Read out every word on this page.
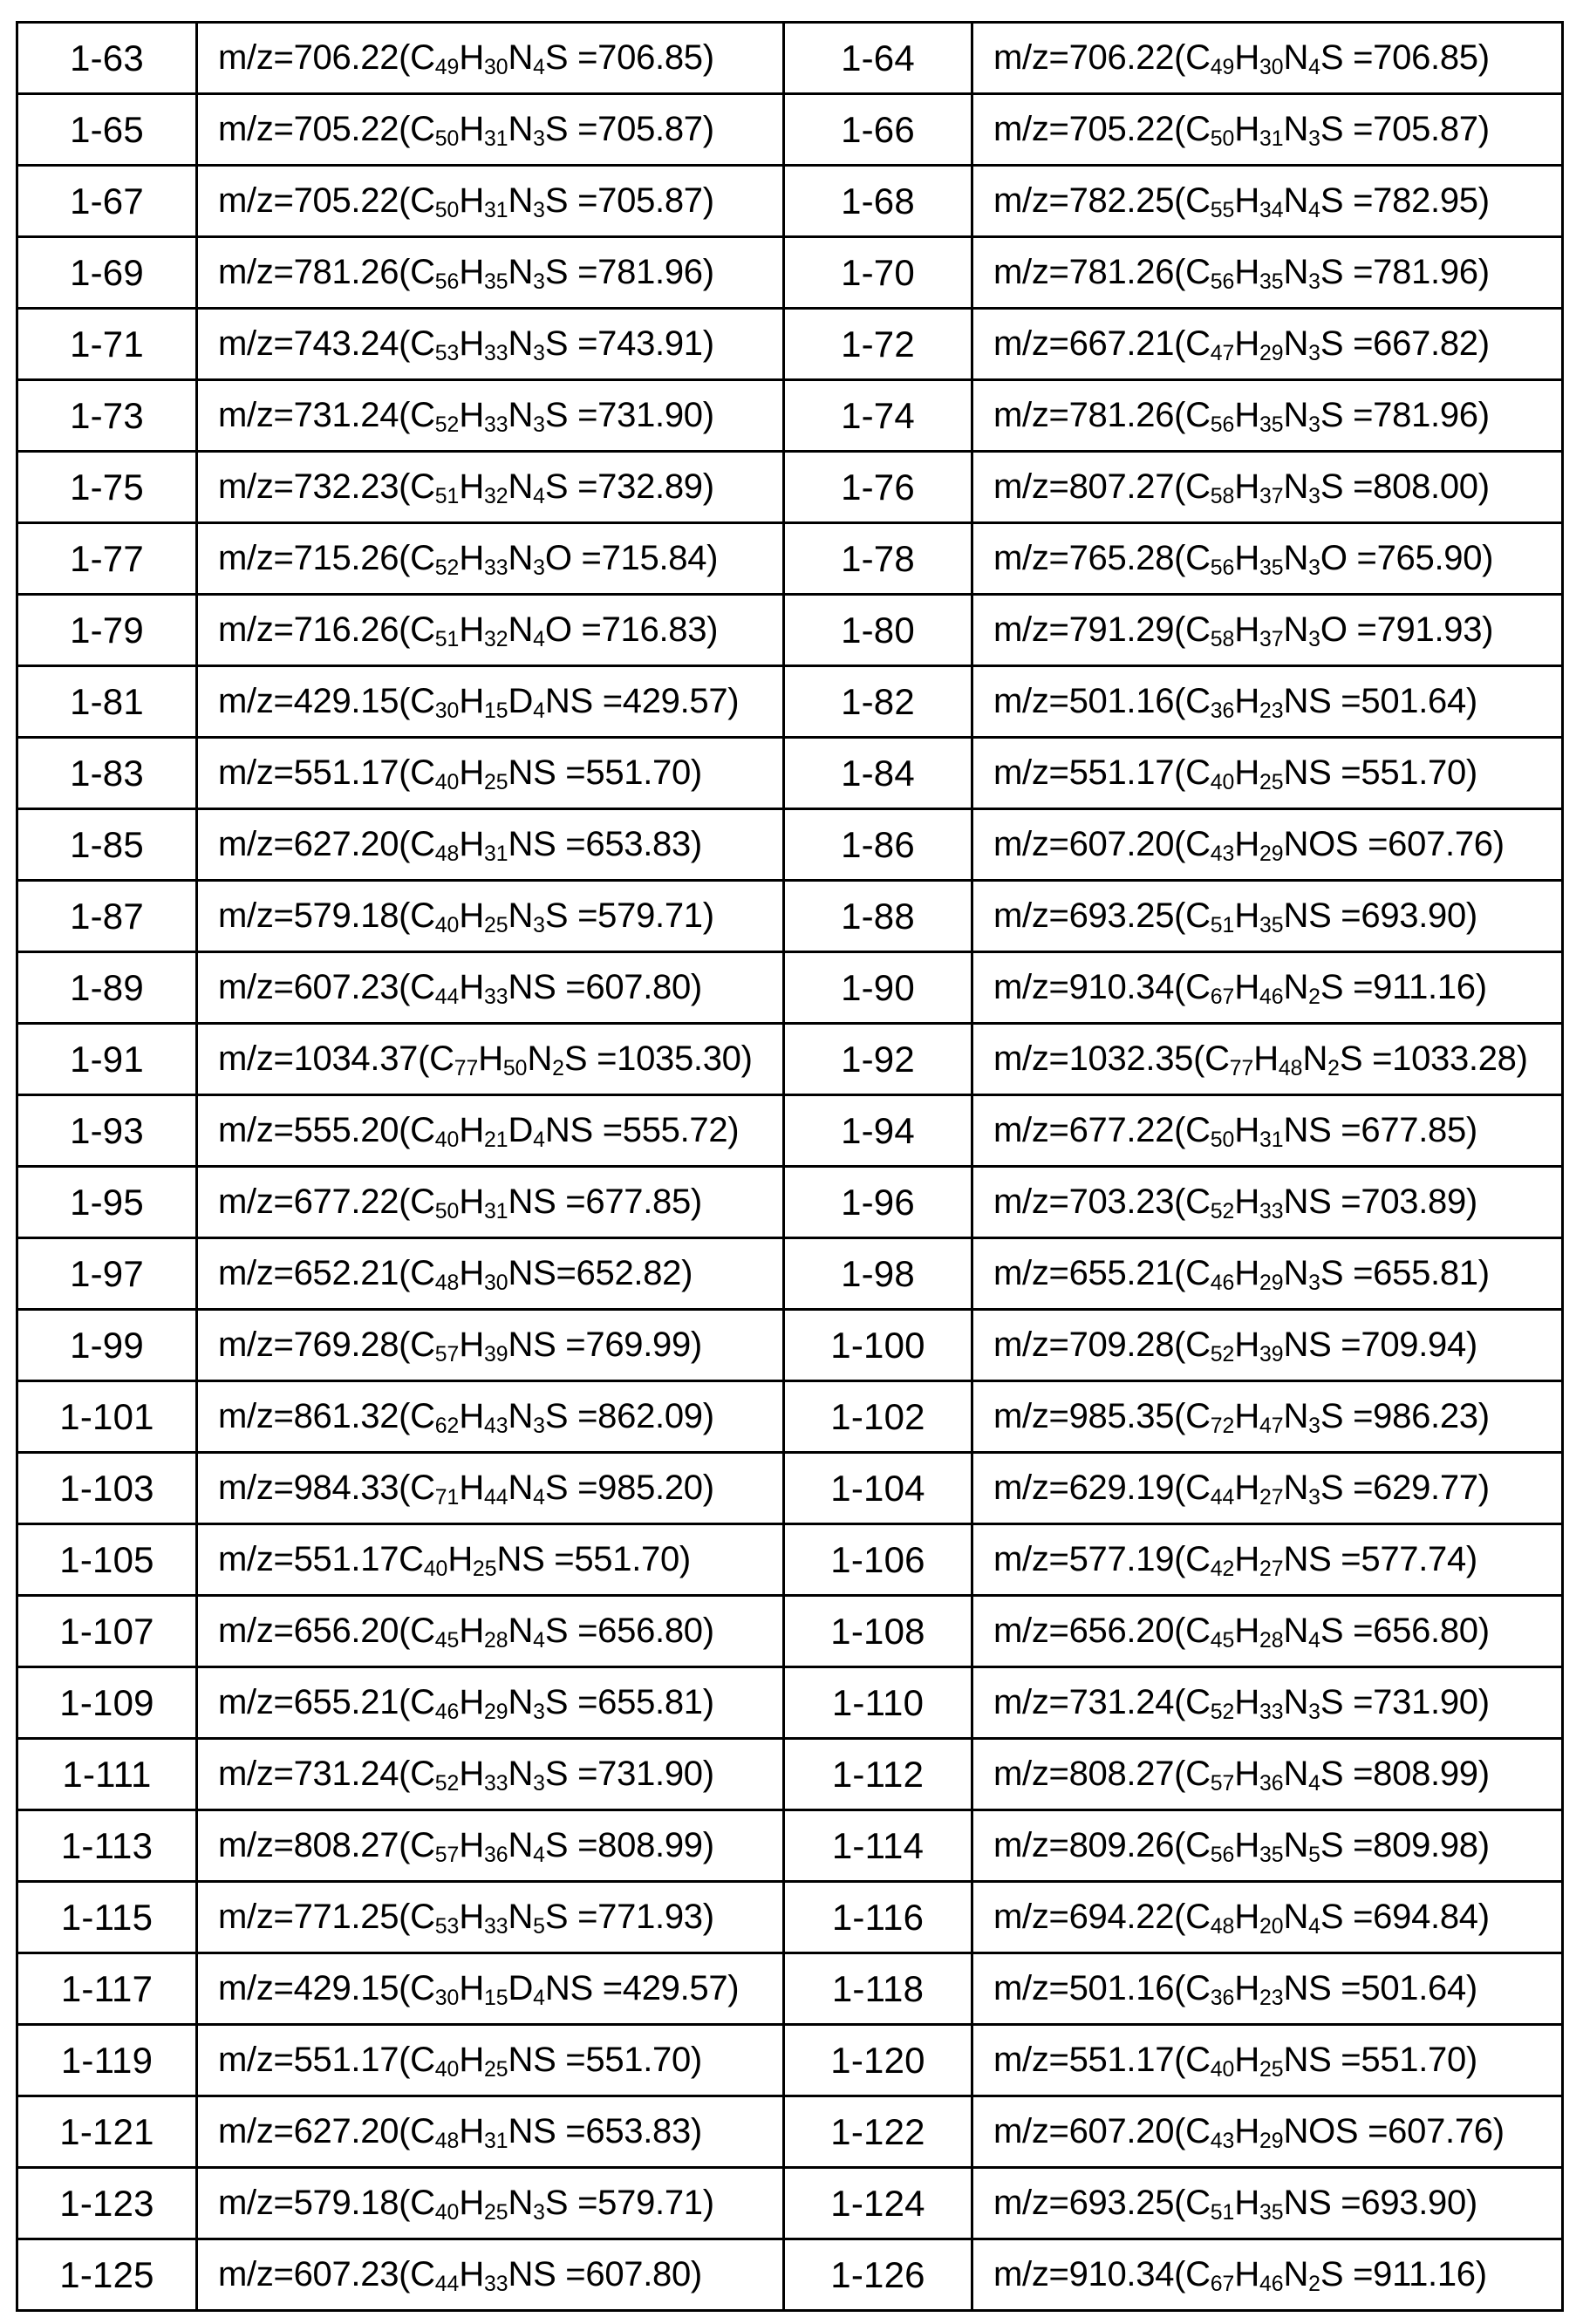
1-63	$m/z=706.22(C_{49}H_{30}N_4S =706.85)$	1-64	$m/z=706.22(C_{49}H_{30}N_4S =706.85)$
1-65	$m/z=705.22(C_{50}H_{31}N_3S =705.87)$	1-66	$m/z=705.22(C_{50}H_{31}N_3S =705.87)$
1-67	$m/z=705.22(C_{50}H_{31}N_3S =705.87)$	1-68	$m/z=782.25(C_{55}H_{34}N_4S =782.95)$
1-69	$m/z=781.26(C_{56}H_{35}N_3S =781.96)$	1-70	$m/z=781.26(C_{56}H_{35}N_3S =781.96)$
1-71	$m/z=743.24(C_{53}H_{33}N_3S =743.91)$	1-72	$m/z=667.21(C_{47}H_{29}N_3S =667.82)$
1-73	$m/z=731.24(C_{52}H_{33}N_3S =731.90)$	1-74	$m/z=781.26(C_{56}H_{35}N_3S =781.96)$
1-75	$m/z=732.23(C_{51}H_{32}N_4S =732.89)$	1-76	$m/z=807.27(C_{58}H_{37}N_3S =808.00)$
1-77	$m/z=715.26(C_{52}H_{33}N_3O =715.84)$	1-78	$m/z=765.28(C_{56}H_{35}N_3O =765.90)$
1-79	$m/z=716.26(C_{51}H_{32}N_4O =716.83)$	1-80	$m/z=791.29(C_{58}H_{37}N_3O =791.93)$
1-81	$m/z=429.15(C_{30}H_{15}D_4NS =429.57)$	1-82	$m/z=501.16(C_{36}H_{23}NS =501.64)$
1-83	$m/z=551.17(C_{40}H_{25}NS =551.70)$	1-84	$m/z=551.17(C_{40}H_{25}NS =551.70)$
1-85	$m/z=627.20(C_{48}H_{31}NS =653.83)$	1-86	$m/z=607.20(C_{43}H_{29}NOS =607.76)$
1-87	$m/z=579.18(C_{40}H_{25}N_3S =579.71)$	1-88	$m/z=693.25(C_{51}H_{35}NS =693.90)$
1-89	$m/z=607.23(C_{44}H_{33}NS =607.80)$	1-90	$m/z=910.34(C_{67}H_{46}N_2S =911.16)$
1-91	$m/z=1034.37(C_{77}H_{50}N_2S =1035.30)$	1-92	$m/z=1032.35(C_{77}H_{48}N_2S =1033.28)$
1-93	$m/z=555.20(C_{40}H_{21}D_4NS =555.72)$	1-94	$m/z=677.22(C_{50}H_{31}NS =677.85)$
1-95	$m/z=677.22(C_{50}H_{31}NS =677.85)$	1-96	$m/z=703.23(C_{52}H_{33}NS =703.89)$
1-97	$m/z=652.21(C_{48}H_{30}NS=652.82)$	1-98	$m/z=655.21(C_{46}H_{29}N_3S =655.81)$
1-99	$m/z=769.28(C_{57}H_{39}NS =769.99)$	1-100	$m/z=709.28(C_{52}H_{39}NS =709.94)$
1-101	$m/z=861.32(C_{62}H_{43}N_3S =862.09)$	1-102	$m/z=985.35(C_{72}H_{47}N_3S =986.23)$
1-103	$m/z=984.33(C_{71}H_{44}N_4S =985.20)$	1-104	$m/z=629.19(C_{44}H_{27}N_3S =629.77)$
1-105	$m/z=551.17C_{40}H_{25}NS =551.70$)	1-106	$m/z=577.19(C_{42}H_{27}NS =577.74)$
1-107	$m/z=656.20(C_{45}H_{28}N_4S =656.80)$	1-108	$m/z=656.20(C_{45}H_{28}N_4S =656.80)$
1-109	$m/z=655.21(C_{46}H_{29}N_3S =655.81)$	1-110	$m/z=731.24(C_{52}H_{33}N_3S =731.90)$
1-111	$m/z=731.24(C_{52}H_{33}N_3S =731.90)$	1-112	$m/z=808.27(C_{57}H_{36}N_4S =808.99)$
1-113	$m/z=808.27(C_{57}H_{36}N_4S =808.99)$	1-114	$m/z=809.26(C_{56}H_{35}N_5S =809.98)$
1-115	$m/z=771.25(C_{53}H_{33}N_5S =771.93)$	1-116	$m/z=694.22(C_{48}H_{20}N_4S =694.84)$
1-117	$m/z=429.15(C_{30}H_{15}D_4NS =429.57)$	1-118	$m/z=501.16(C_{36}H_{23}NS =501.64)$
1-119	$m/z=551.17(C_{40}H_{25}NS =551.70)$	1-120	$m/z=551.17(C_{40}H_{25}NS =551.70)$
1-121	$m/z=627.20(C_{48}H_{31}NS =653.83)$	1-122	$m/z=607.20(C_{43}H_{29}NOS =607.76)$
1-123	$m/z=579.18(C_{40}H_{25}N_3S =579.71)$	1-124	$m/z=693.25(C_{51}H_{35}NS =693.90)$
1-125	$m/z=607.23(C_{44}H_{33}NS =607.80)$	1-126	$m/z=910.34(C_{67}H_{46}N_2S =911.16)$
